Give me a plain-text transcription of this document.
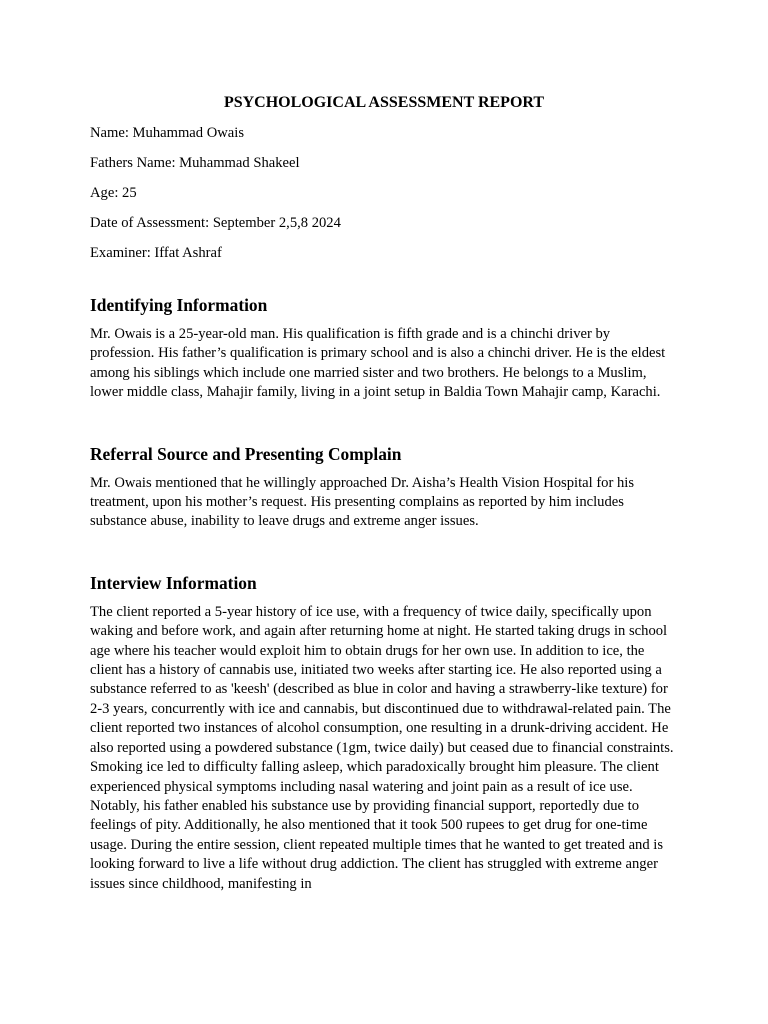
PSYCHOLOGICAL ASSESSMENT REPORT

Name: Muhammad Owais

Fathers Name: Muhammad Shakeel

Age: 25

Date of Assessment: September 2,5,8 2024

Examiner: Iffat Ashraf

Identifying Information

Mr. Owais is a 25-year-old man. His qualification is fifth grade and is a chinchi driver by profession. His father’s qualification is primary school and is also a chinchi driver. He is the eldest among his siblings which include one married sister and two brothers. He belongs to a Muslim, lower middle class, Mahajir family, living in a joint setup in Baldia Town Mahajir camp, Karachi.

Referral Source and Presenting Complain

Mr. Owais mentioned that he willingly approached Dr. Aisha’s Health Vision Hospital for his treatment, upon his mother’s request. His presenting complains as reported by him includes substance abuse, inability to leave drugs and extreme anger issues.

Interview Information

The client reported a 5-year history of ice use, with a frequency of twice daily, specifically upon waking and before work, and again after returning home at night. He started taking drugs in school age where his teacher would exploit him to obtain drugs for her own use. In addition to ice, the client has a history of cannabis use, initiated two weeks after starting ice. He also reported using a substance referred to as 'keesh' (described as blue in color and having a strawberry-like texture) for 2-3 years, concurrently with ice and cannabis, but discontinued due to withdrawal-related pain. The client reported two instances of alcohol consumption, one resulting in a drunk-driving accident. He also reported using a powdered substance (1gm, twice daily) but ceased due to financial constraints. Smoking ice led to difficulty falling asleep, which paradoxically brought him pleasure. The client experienced physical symptoms including nasal watering and joint pain as a result of ice use. Notably, his father enabled his substance use by providing financial support, reportedly due to feelings of pity. Additionally, he also mentioned that it took 500 rupees to get drug for one-time usage. During the entire session, client repeated multiple times that he wanted to get treated and is looking forward to live a life without drug addiction. The client has struggled with extreme anger issues since childhood, manifesting in
